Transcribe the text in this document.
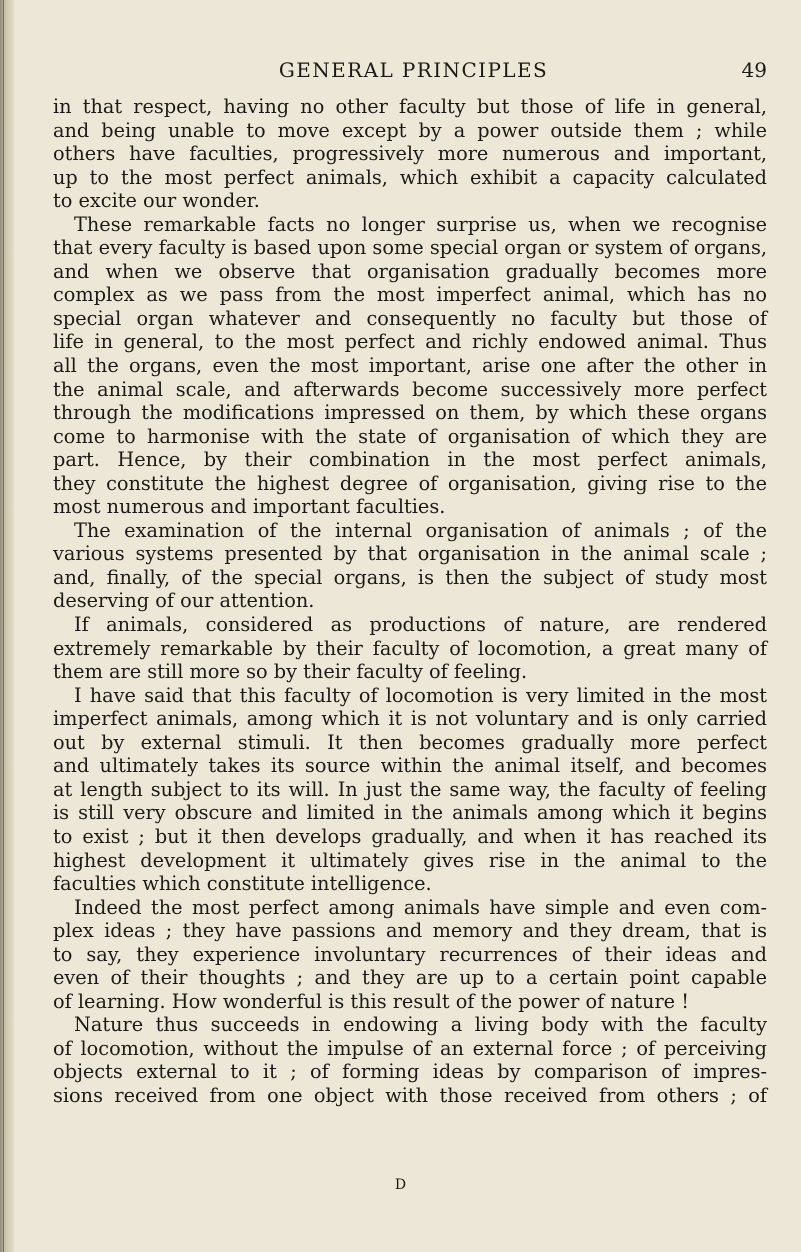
GENERAL PRINCIPLES	49
in that respect, having no other faculty but those of life in general,
and being unable to move except by a power outside them ; while
others have faculties, progressively more numerous and important,
up to the most perfect animals, which exhibit a capacity calculated
to excite our wonder.
These remarkable facts no longer surprise us, when we recognise
that every faculty is based upon some special organ or system of organs,
and when we observe that organisation gradually becomes more
complex as we pass from the most imperfect animal, which has no
special organ whatever and consequently no faculty but those of
life in general, to the most perfect and richly endowed animal. Thus
all the organs, even the most important, arise one after the other in
the animal scale, and afterwards become successively more perfect
through the modifications impressed on them, by which these organs
come to harmonise with the state of organisation of which they are
part. Hence, by their combination in the most perfect animals,
they constitute the highest degree of organisation, giving rise to the
most numerous and important faculties.
The examination of the internal organisation of animals ; of the
various systems presented by that organisation in the animal scale ;
and, finally, of the special organs, is then the subject of study most
deserving of our attention.
If animals, considered as productions of nature, are rendered
extremely remarkable by their faculty of locomotion, a great many of
them are still more so by their faculty of feeling.
I have said that this faculty of locomotion is very limited in the most
imperfect animals, among which it is not voluntary and is only carried
out by external stimuli. It then becomes gradually more perfect
and ultimately takes its source within the animal itself, and becomes
at length subject to its will. In just the same way, the faculty of feeling
is still very obscure and limited in the animals among which it begins
to exist ; but it then develops gradually, and when it has reached its
highest development it ultimately gives rise in the animal to the
faculties which constitute intelligence.
Indeed the most perfect among animals have simple and even com-
plex ideas ; they have passions and memory and they dream, that is
to say, they experience involuntary recurrences of their ideas and
even of their thoughts ; and they are up to a certain point capable
of learning. How wonderful is this result of the power of nature !
Nature thus succeeds in endowing a living body with the faculty
of locomotion, without the impulse of an external force ; of perceiving
objects external to it ; of forming ideas by comparison of impres-
sions received from one object with those received from others ; of
D
